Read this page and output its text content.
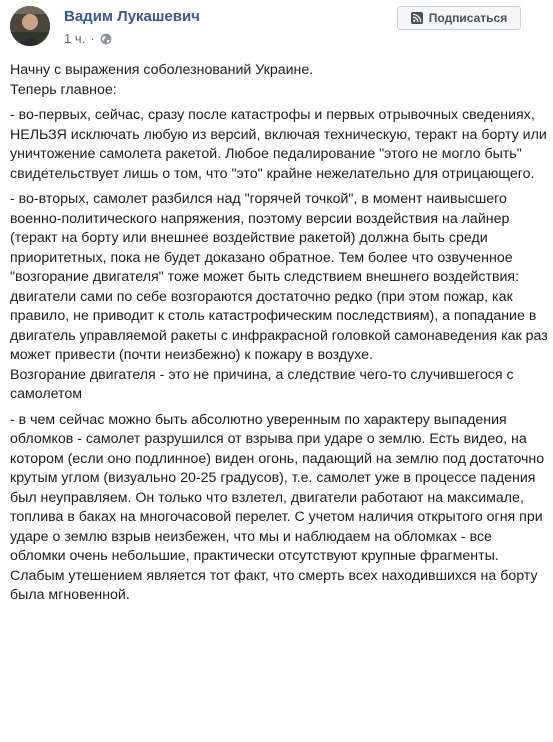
Вадим Лукашевич
1 ч. ·
Подписаться

Начну с выражения соболезнований Украине.

Теперь главное:

- во-первых, сейчас, сразу после катастрофы и первых отрывочных сведениях, НЕЛЬЗЯ исключать любую из версий, включая техническую, теракт на борту или уничтожение самолета ракетой. Любое педалирование "этого не могло быть" свидетельствует лишь о том, что "это" крайне нежелательно для отрицающего.

- во-вторых, самолет разбился над "горячей точкой", в момент наивысшего военно-политического напряжения, поэтому версии воздействия на лайнер (теракт на борту или внешнее воздействие ракетой) должна быть среди приоритетных, пока не будет доказано обратное. Тем более что озвученное "возгорание двигателя" тоже может быть следствием внешнего воздействия: двигатели сами по себе возгораются достаточно редко (при этом пожар, как правило, не приводит к столь катастрофическим последствиям), а попадание в двигатель управляемой ракеты с инфракрасной головкой самонаведения как раз может привести (почти неизбежно) к пожару в воздухе.

Возгорание двигателя - это не причина, а следствие чего-то случившегося с самолетом

- в чем сейчас можно быть абсолютно уверенным по характеру выпадения обломков - самолет разрушился от взрыва при ударе о землю. Есть видео, на котором (если оно подлинное) виден огонь, падающий на землю под достаточно крутым углом (визуально 20-25 градусов), т.е. самолет уже в процессе падения был неуправляем. Он только что взлетел, двигатели работают на максимале, топлива в баках на многочасовой перелет. С учетом наличия открытого огня при ударе о землю взрыв неизбежен, что мы и наблюдаем на обломках - все обломки очень небольшие, практически отсутствуют крупные фрагменты. Слабым утешением является тот факт, что смерть всех находившихся на борту была мгновенной.
